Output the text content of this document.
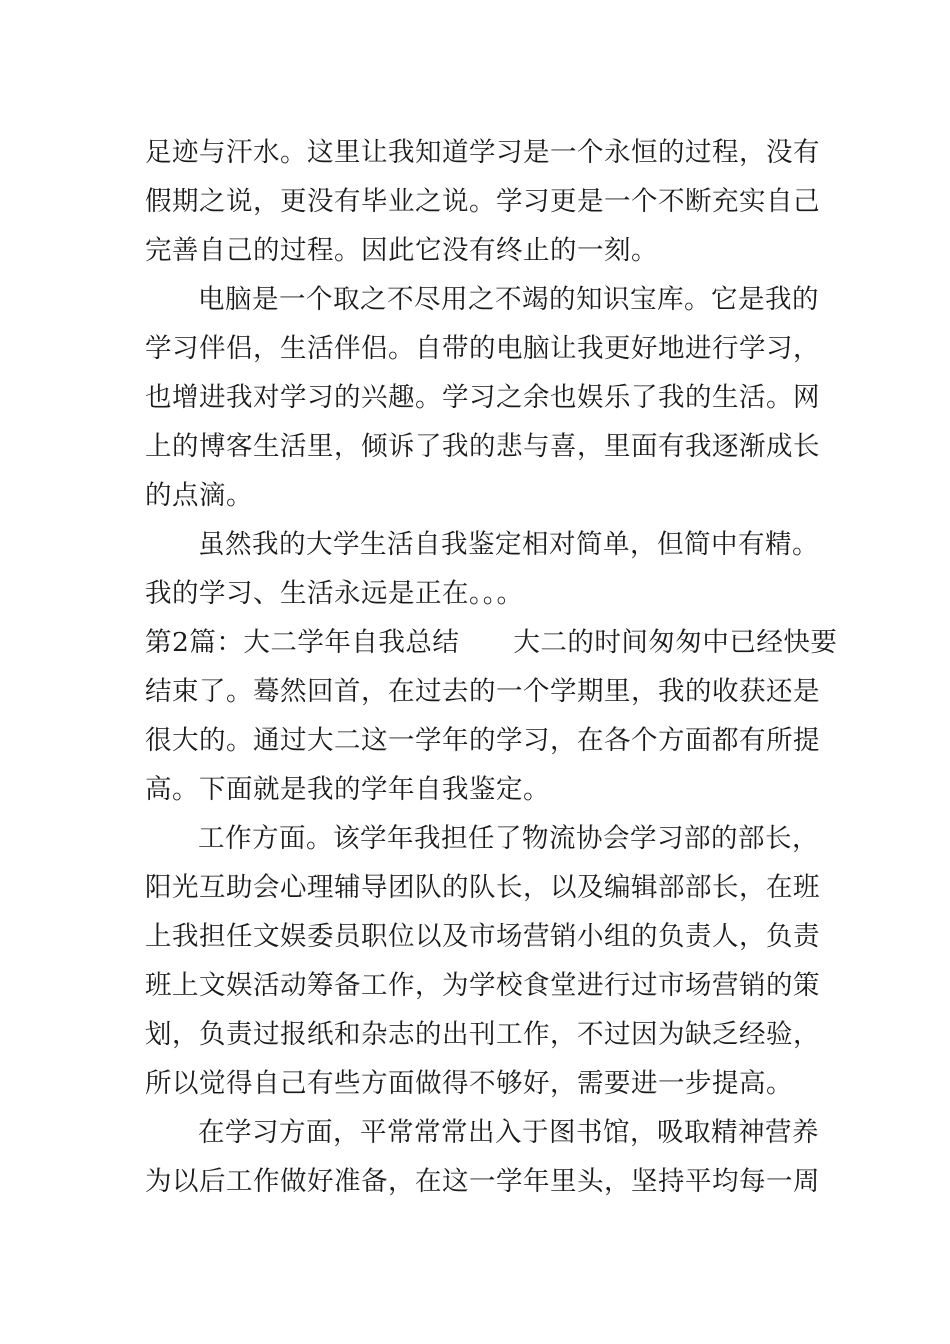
足迹与汗水。这里让我知道学习是一个永恒的过程，没有
假期之说，更没有毕业之说。学习更是一个不断充实自己
完善自己的过程。因此它没有终止的一刻。
电脑是一个取之不尽用之不竭的知识宝库。它是我的
学习伴侣，生活伴侣。自带的电脑让我更好地进行学习，
也增进我对学习的兴趣。学习之余也娱乐了我的生活。网
上的博客生活里，倾诉了我的悲与喜，里面有我逐渐成长
的点滴。
虽然我的大学生活自我鉴定相对简单，但简中有精。
我的学习、生活永远是正在。。。
第2篇：大二学年自我总结　　大二的时间匆匆中已经快要
结束了。蓦然回首，在过去的一个学期里，我的收获还是
很大的。通过大二这一学年的学习，在各个方面都有所提
高。下面就是我的学年自我鉴定。
工作方面。该学年我担任了物流协会学习部的部长，
阳光互助会心理辅导团队的队长，以及编辑部部长，在班
上我担任文娱委员职位以及市场营销小组的负责人，负责
班上文娱活动筹备工作，为学校食堂进行过市场营销的策
划，负责过报纸和杂志的出刊工作，不过因为缺乏经验，
所以觉得自己有些方面做得不够好，需要进一步提高。
在学习方面，平常常常出入于图书馆，吸取精神营养
为以后工作做好准备，在这一学年里头，坚持平均每一周
